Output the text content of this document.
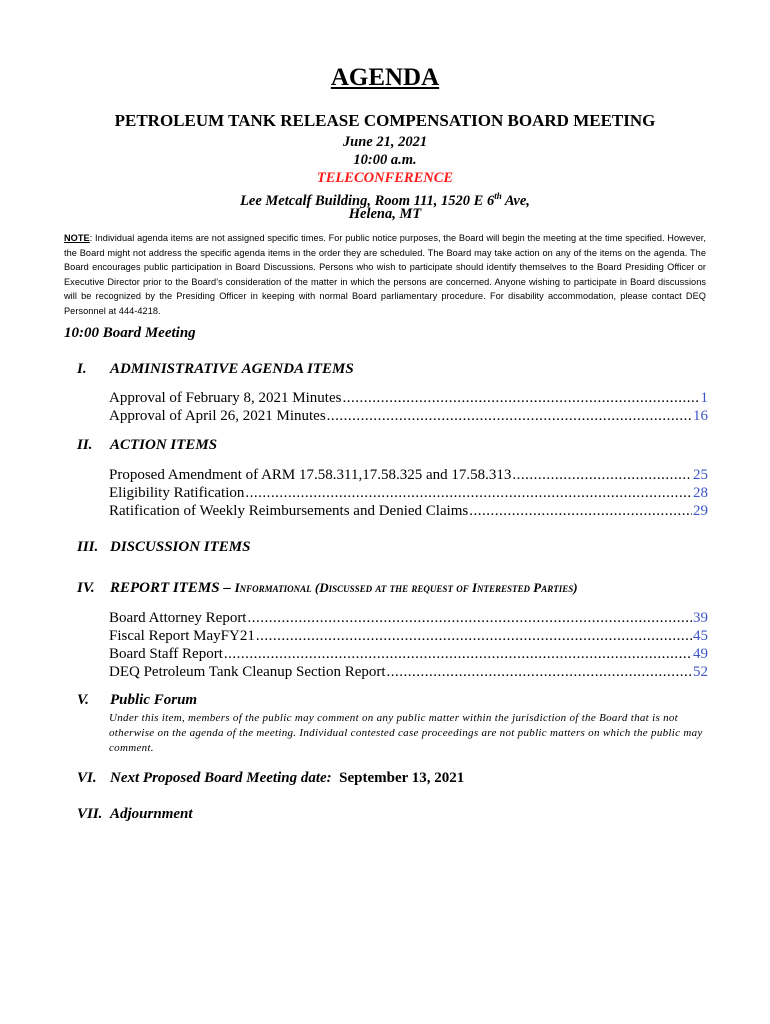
AGENDA
PETROLEUM TANK RELEASE COMPENSATION BOARD MEETING
June 21, 2021
10:00 a.m.
TELECONFERENCE
Lee Metcalf Building, Room 111, 1520 E 6th Ave,
Helena, MT
NOTE: Individual agenda items are not assigned specific times. For public notice purposes, the Board will begin the meeting at the time specified. However, the Board might not address the specific agenda items in the order they are scheduled. The Board may take action on any of the items on the agenda. The Board encourages public participation in Board Discussions. Persons who wish to participate should identify themselves to the Board Presiding Officer or Executive Director prior to the Board’s consideration of the matter in which the persons are concerned. Anyone wishing to participate in Board discussions will be recognized by the Presiding Officer in keeping with normal Board parliamentary procedure. For disability accommodation, please contact DEQ Personnel at 444-4218.
10:00 Board Meeting
I. ADMINISTRATIVE AGENDA ITEMS
Approval of February 8, 2021 Minutes .....	1
Approval of April 26, 2021 Minutes .....	16
II. ACTION ITEMS
Proposed Amendment of ARM 17.58.311,17.58.325 and 17.58.313 .....	25
Eligibility Ratification .....	28
Ratification of Weekly Reimbursements and Denied Claims .....	29
III. DISCUSSION ITEMS
IV. REPORT ITEMS – Informational (Discussed at the request of Interested Parties)
Board Attorney Report .....	39
Fiscal Report MayFY21 .....	45
Board Staff Report .....	49
DEQ Petroleum Tank Cleanup Section Report .....	52
V. Public Forum
Under this item, members of the public may comment on any public matter within the jurisdiction of the Board that is not otherwise on the agenda of the meeting. Individual contested case proceedings are not public matters on which the public may comment.
VI. Next Proposed Board Meeting date: September 13, 2021
VII. Adjournment
